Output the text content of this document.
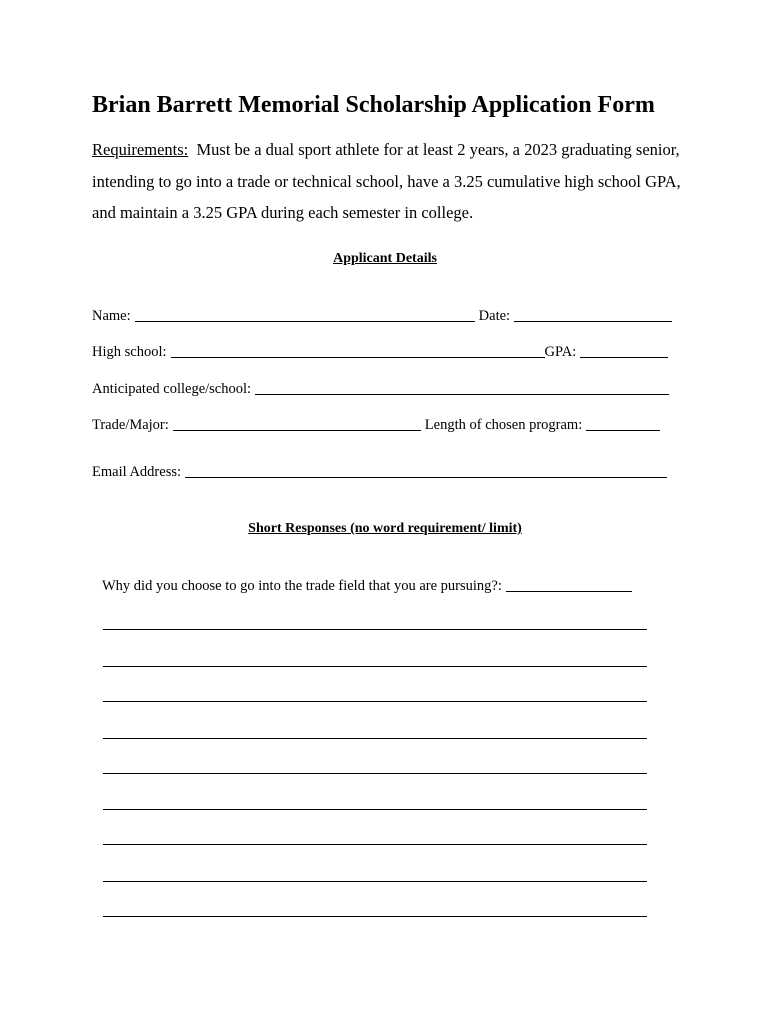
Brian Barrett Memorial Scholarship Application Form
Requirements: Must be a dual sport athlete for at least 2 years, a 2023 graduating senior, intending to go into a trade or technical school, have a 3.25 cumulative high school GPA, and maintain a 3.25 GPA during each semester in college.
Applicant Details
Name:	Date:
High school:	GPA:
Anticipated college/school:
Trade/Major:	Length of chosen program:
Email Address:
Short Responses (no word requirement/ limit)
Why did you choose to go into the trade field that you are pursuing?:
